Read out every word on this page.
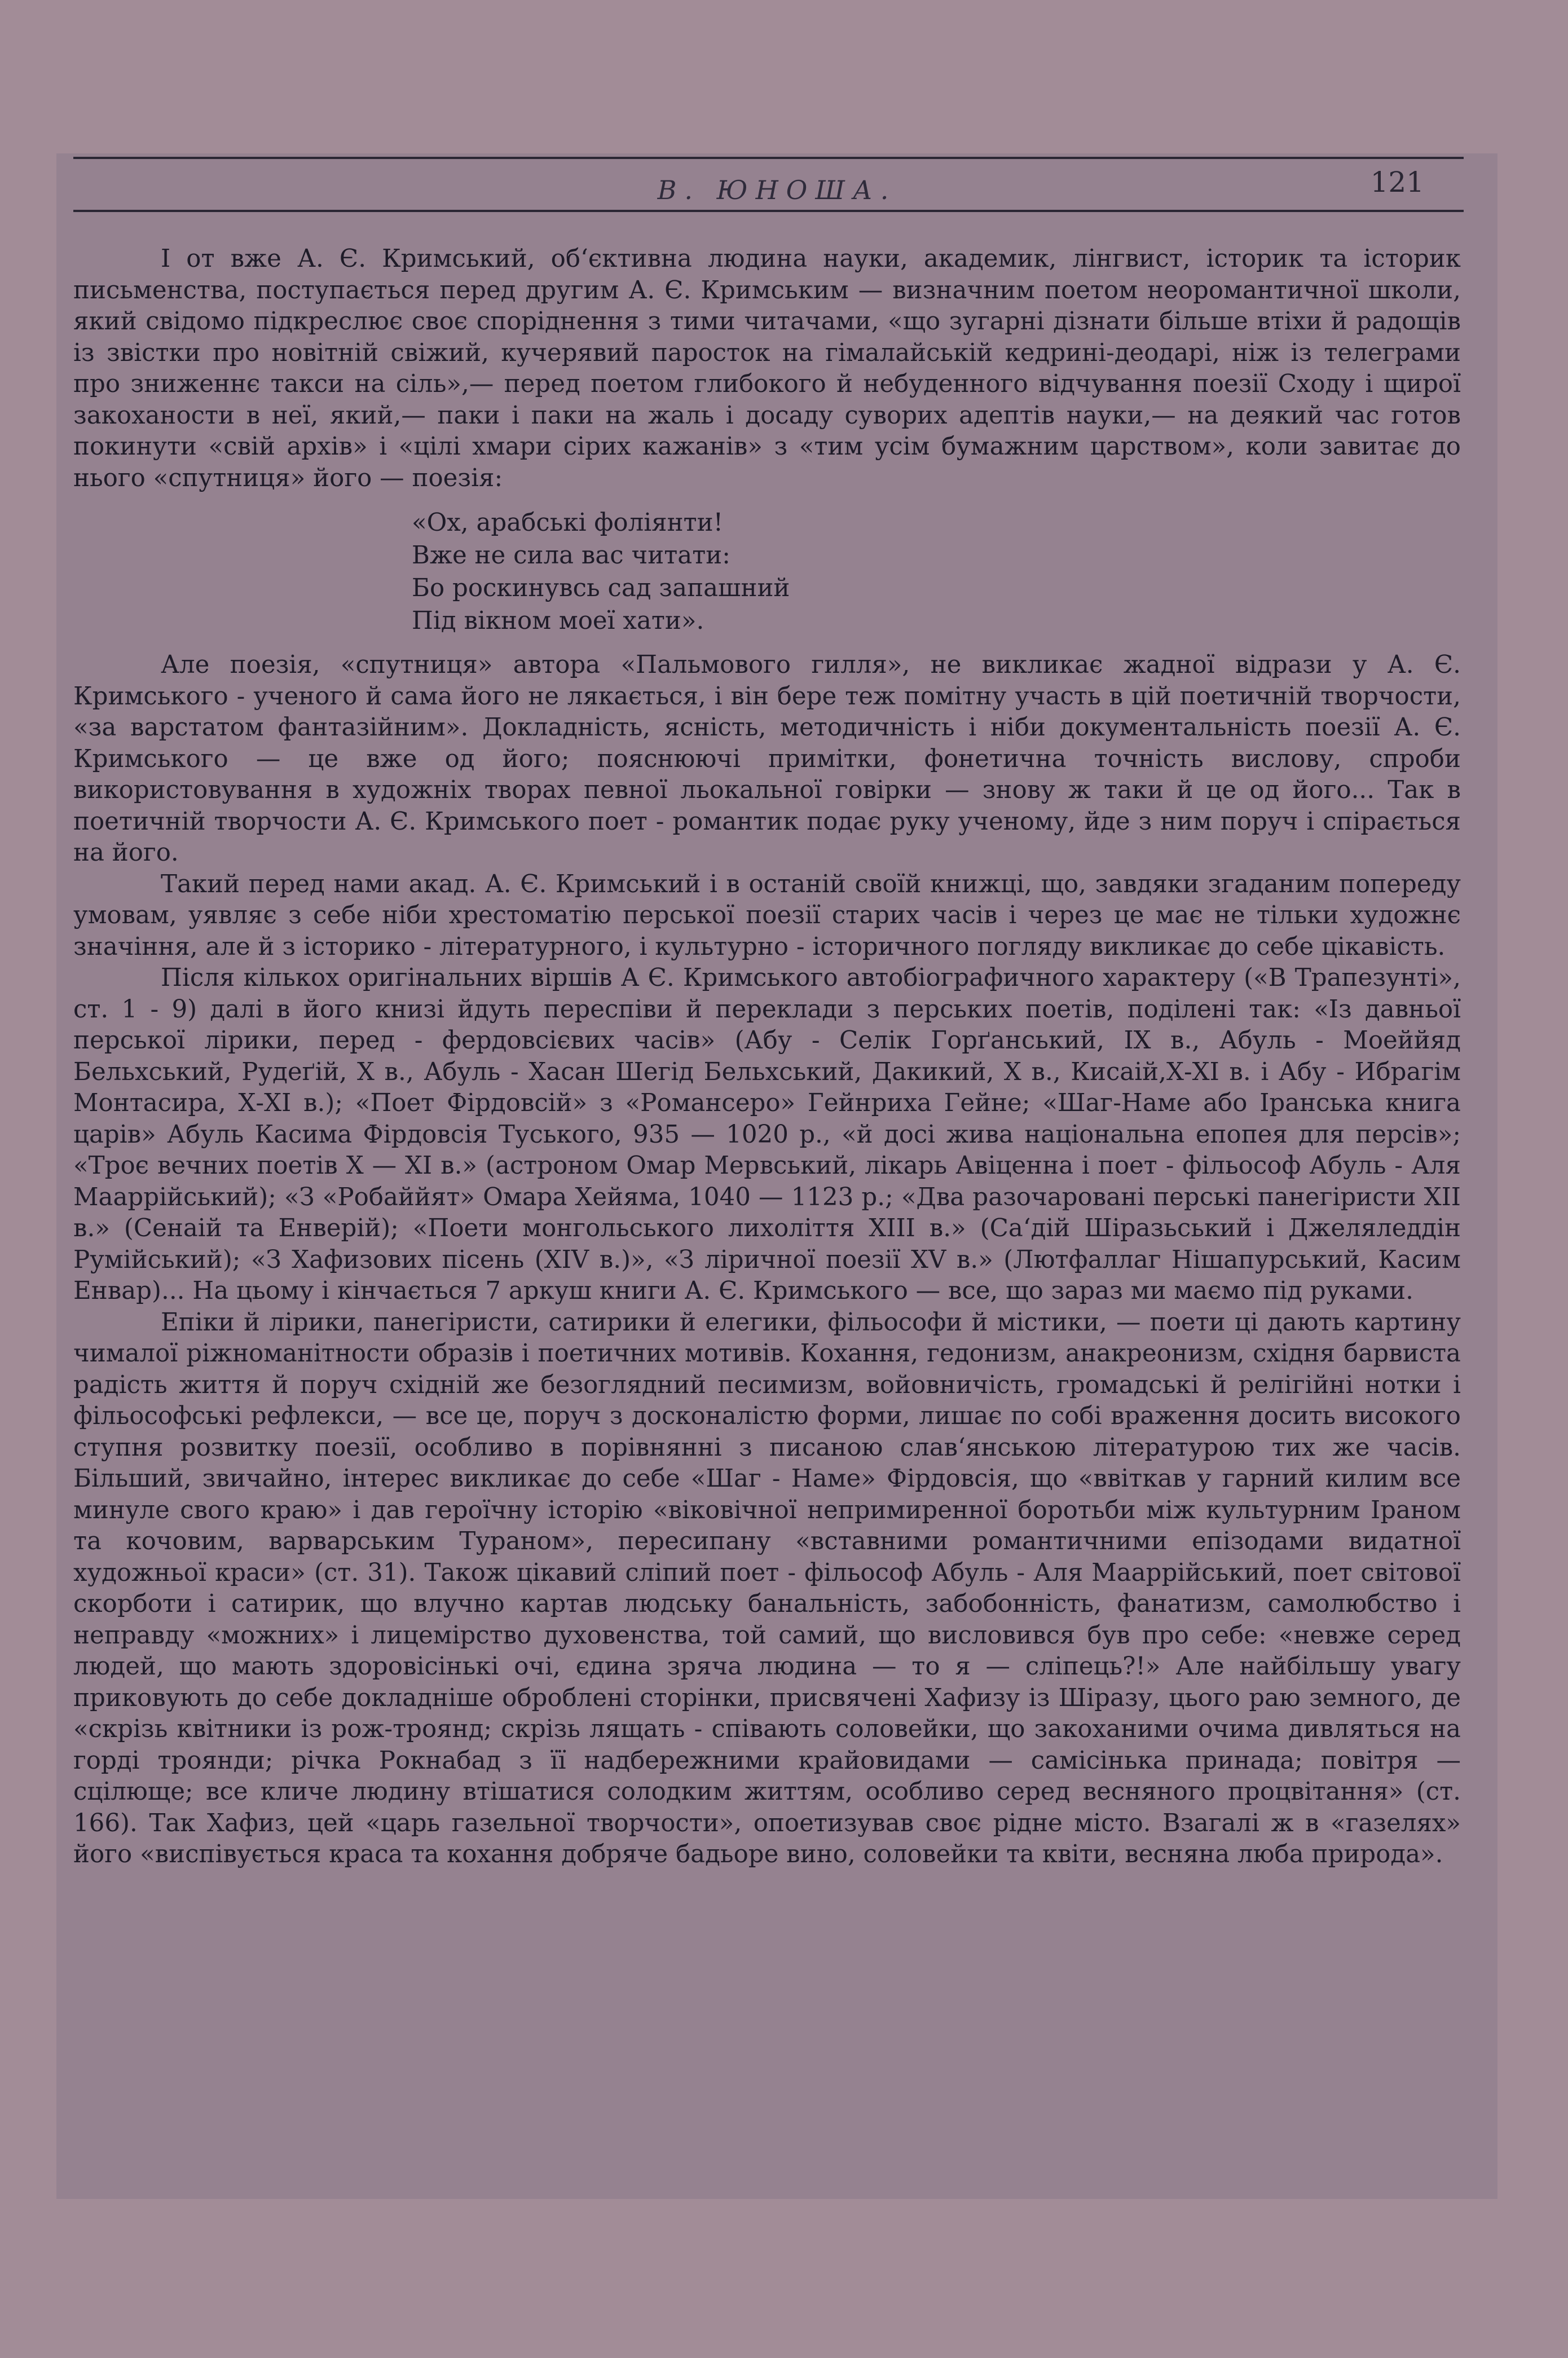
В. ЮНОША.	121

І от вже А. Є. Кримський, об‘єктивна людина науки, академик, лінгвист, історик та історик письменства, поступається перед другим А. Є. Кримським — визначним поетом неоромантичної школи, який свідомо підкреслює своє споріднення з тими читачами, «що зугарні дізнати більше втіхи й радощів із звістки про новітній свіжий, кучерявий паросток на гімалайській кедрині-деодарі, ніж із телеграми про зниженнє такси на сіль»,— перед поетом глибокого й небуденного відчування поезії Сходу і щирої закоханости в неї, який,— паки і паки на жаль і досаду суворих адептів науки,— на деякий час готов покинути «свій архів» і «цілі хмари сірих кажанів» з «тим усім бумажним царством», коли завитає до нього «спутниця» його — поезія:

«Ох, арабські фоліянти!
Вже не сила вас читати:
Бо роскинувсь сад запашний
Під вікном моеї хати».

Але поезія, «спутниця» автора «Пальмового гилля», не викликає жадної відрази у А. Є. Кримського - ученого й сама його не лякається, і він бере теж помітну участь в цій поетичній творчости, «за варстатом фантазійним». Докладність, ясність, методичність і ніби документальність поезії А. Є. Кримського — це вже од його; пояснюючі примітки, фонетична точність вислову, спроби використовування в художніх творах певної льокальної говірки — знову ж таки й це од його... Так в поетичній творчости А. Є. Кримського поет - романтик подає руку ученому, йде з ним поруч і спірається на його.

Такий перед нами акад. А. Є. Кримський і в останій своїй книжці, що, завдяки згаданим попереду умовам, уявляє з себе ніби хрестоматію перської поезії старих часів і через це має не тільки художнє значіння, але й з історико - літературного, і культурно - історичного погляду викликає до себе цікавість.

Після кількох оригінальних віршів А Є. Кримського автобіографичного характеру («В Трапезунті», ст. 1 - 9) далі в його книзі йдуть переспіви й переклади з перських поетів, поділені так: «Із давньої перської лірики, перед - фердовсієвих часів» (Абу - Селік Горґанський, ІХ в., Абуль - Моеййяд Бельхський, Рудеґій, Х в., Абуль - Хасан Шегід Бельхський, Дакикий, Х в., Кисаій,Х-ХІ в. і Абу - Ибрагім Монтасира, Х-ХІ в.); «Поет Фірдовсій» з «Романсеро» Гейнриха Гейне; «Шаг-Наме або Іранська книга царів» Абуль Касима Фірдовсія Туського, 935 — 1020 р., «й досі жива національна епопея для персів»; «Троє вечних поетів Х — ХІ в.» (астроном Омар Мервський, лікарь Авіценна і поет - фільософ Абуль - Аля Мааррійський); «З «Робаййят» Омара Хейяма, 1040 — 1123 р.; «Два разочаровані перські панегiристи ХІІ в.» (Сенаій та Енверій); «Поети монгольського лихоліття ХІІІ в.» (Са‘дій Шіразьський і Джеляледдін Румійський); «З Хафизових пісень (ХІV в.)», «З ліричної поезії ХV в.» (Лютфаллаг Нішапурський, Касим Енвар)... На цьому і кінчається 7 аркуш книги А. Є. Кримського — все, що зараз ми маємо під руками.

Епіки й лірики, панегіристи, сатирики й елегики, фільософи й містики, — поети ці дають картину чималої ріжноманітности образів і поетичних мотивів. Кохання, гедонизм, анакреонизм, східня барвиста радість життя й поруч східній же безоглядний песимизм, войовничість, громадські й релігійні нотки і фільософські рефлекси, — все це, поруч з досконалістю форми, лишає по собі враження досить високого ступня розвитку поезії, особливо в порівнянні з писаною слав‘янською літературою тих же часів. Більший, звичайно, інтерес викликає до себе «Шаг - Наме» Фірдовсія, що «ввіткав у гарний килим все минуле свого краю» і дав героїчну історію «віковічної непримиренної боротьби між культурним Іраном та кочовим, варварським Тураном», пересипану «вставними романтичними епізодами видатної художньої краси» (ст. 31). Також цікавий сліпий поет - фільософ Абуль - Аля Мааррійський, поет світової скорботи і сатирик, що влучно картав людську банальність, забобонність, фанатизм, самолюбство і неправду «можних» і лицемірство духовенства, той самий, що висловився був про себе: «невже серед людей, що мають здоровісінькі очі, єдина зряча людина — то я — сліпець?!» Але найбільшу увагу приковують до себе докладніше оброблені сторінки, присвячені Хафизу із Шіразу, цього раю земного, де «скрізь квітники із рож-троянд; скрізь лящать - співають соловейки, що закоханими очима дивляться на горді троянди; річка Рокнабад з її надбережними крайовидами — самісінька принада; повітря — сцілюще; все кличе людину втішатися солодким життям, особливо серед весняного процвітання» (ст. 166). Так Хафиз, цей «царь газельної творчости», опоетизував своє рідне місто. Взагалі ж в «газелях» його «виспівується краса та кохання добряче бадьоре вино, соловейки та квіти, весняна люба природа».
